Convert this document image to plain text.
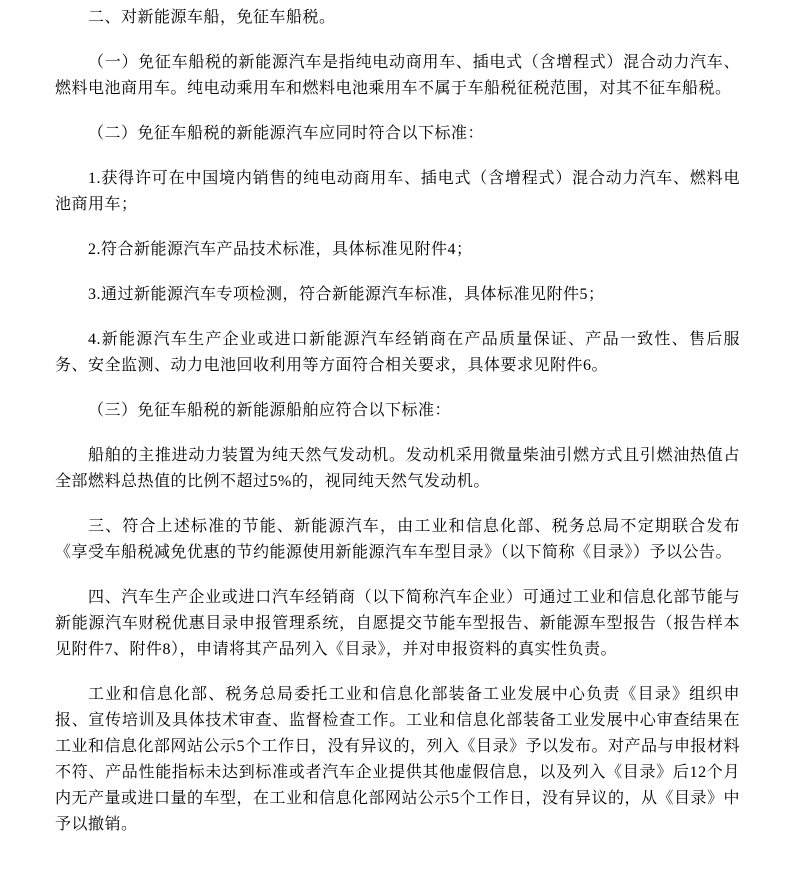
二、对新能源车船，免征车船税。

（一）免征车船税的新能源汽车是指纯电动商用车、插电式（含增程式）混合动力汽车、燃料电池商用车。纯电动乘用车和燃料电池乘用车不属于车船税征税范围，对其不征车船税。

（二）免征车船税的新能源汽车应同时符合以下标准：

1.获得许可在中国境内销售的纯电动商用车、插电式（含增程式）混合动力汽车、燃料电池商用车；

2.符合新能源汽车产品技术标准，具体标准见附件4；

3.通过新能源汽车专项检测，符合新能源汽车标准，具体标准见附件5；

4.新能源汽车生产企业或进口新能源汽车经销商在产品质量保证、产品一致性、售后服务、安全监测、动力电池回收利用等方面符合相关要求，具体要求见附件6。

（三）免征车船税的新能源船舶应符合以下标准：

船舶的主推进动力装置为纯天然气发动机。发动机采用微量柴油引燃方式且引燃油热值占全部燃料总热值的比例不超过5%的，视同纯天然气发动机。

三、符合上述标准的节能、新能源汽车，由工业和信息化部、税务总局不定期联合发布《享受车船税减免优惠的节约能源使用新能源汽车车型目录》（以下简称《目录》）予以公告。

四、汽车生产企业或进口汽车经销商（以下简称汽车企业）可通过工业和信息化部节能与新能源汽车财税优惠目录申报管理系统，自愿提交节能车型报告、新能源车型报告（报告样本见附件7、附件8），申请将其产品列入《目录》，并对申报资料的真实性负责。

工业和信息化部、税务总局委托工业和信息化部装备工业发展中心负责《目录》组织申报、宣传培训及具体技术审查、监督检查工作。工业和信息化部装备工业发展中心审查结果在工业和信息化部网站公示5个工作日，没有异议的，列入《目录》予以发布。对产品与申报材料不符、产品性能指标未达到标准或者汽车企业提供其他虚假信息，以及列入《目录》后12个月内无产量或进口量的车型，在工业和信息化部网站公示5个工作日，没有异议的，从《目录》中予以撤销。
